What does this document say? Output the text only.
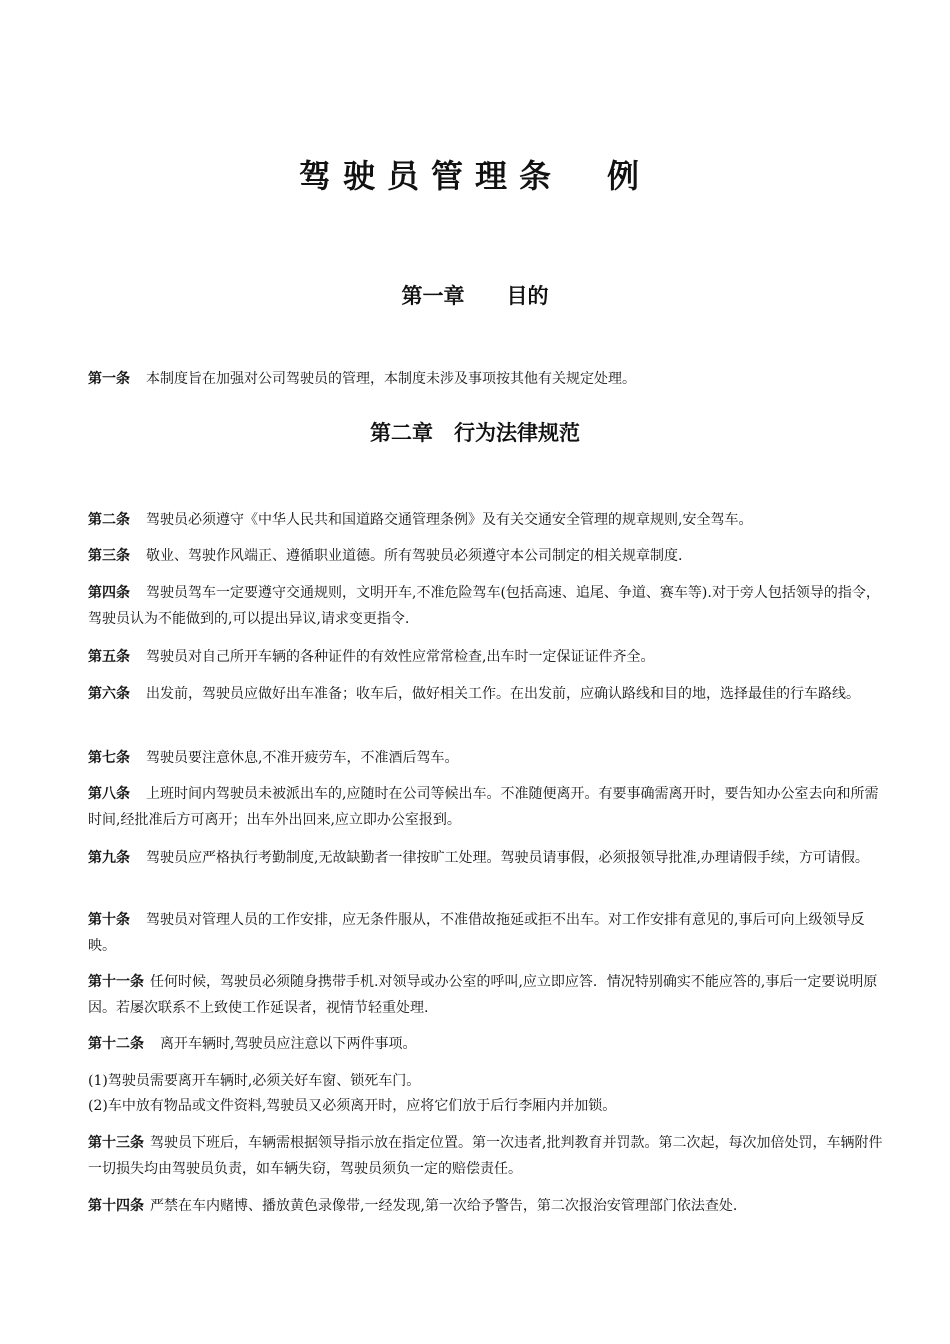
驾驶员管理条　例
第一章　　目的

第一条 本制度旨在加强对公司驾驶员的管理，本制度未涉及事项按其他有关规定处理。

第二章　行为法律规范

第二条 驾驶员必须遵守《中华人民共和国道路交通管理条例》及有关交通安全管理的规章规则,安全驾车。

第三条 敬业、驾驶作风端正、遵循职业道德。所有驾驶员必须遵守本公司制定的相关规章制度.

第四条 驾驶员驾车一定要遵守交通规则，文明开车,不准危险驾车(包括高速、追尾、争道、赛车等).对于旁人包括领导的指令，驾驶员认为不能做到的,可以提出异议,请求变更指令.

第五条 驾驶员对自己所开车辆的各种证件的有效性应常常检查,出车时一定保证证件齐全。

第六条 出发前，驾驶员应做好出车准备；收车后，做好相关工作。在出发前，应确认路线和目的地，选择最佳的行车路线。

第七条 驾驶员要注意休息,不准开疲劳车，不准酒后驾车。

第八条 上班时间内驾驶员未被派出车的,应随时在公司等候出车。不准随便离开。有要事确需离开时，要告知办公室去向和所需时间,经批准后方可离开；出车外出回来,应立即办公室报到。

第九条 驾驶员应严格执行考勤制度,无故缺勤者一律按旷工处理。驾驶员请事假，必须报领导批准,办理请假手续，方可请假。

第十条 驾驶员对管理人员的工作安排，应无条件服从，不准借故拖延或拒不出车。对工作安排有意见的,事后可向上级领导反映。

第十一条 任何时候，驾驶员必须随身携带手机.对领导或办公室的呼叫,应立即应答．情况特别确实不能应答的,事后一定要说明原因。若屡次联系不上致使工作延误者，视情节轻重处理.

第十二条 离开车辆时,驾驶员应注意以下两件事项。

(1)驾驶员需要离开车辆时,必须关好车窗、锁死车门。
(2)车中放有物品或文件资料,驾驶员又必须离开时，应将它们放于后行李厢内并加锁。

第十三条 驾驶员下班后，车辆需根据领导指示放在指定位置。第一次违者,批判教育并罚款。第二次起，每次加倍处罚，车辆附件一切损失均由驾驶员负责，如车辆失窃，驾驶员须负一定的赔偿责任。

第十四条 严禁在车内赌博、播放黄色录像带,一经发现,第一次给予警告，第二次报治安管理部门依法查处.
